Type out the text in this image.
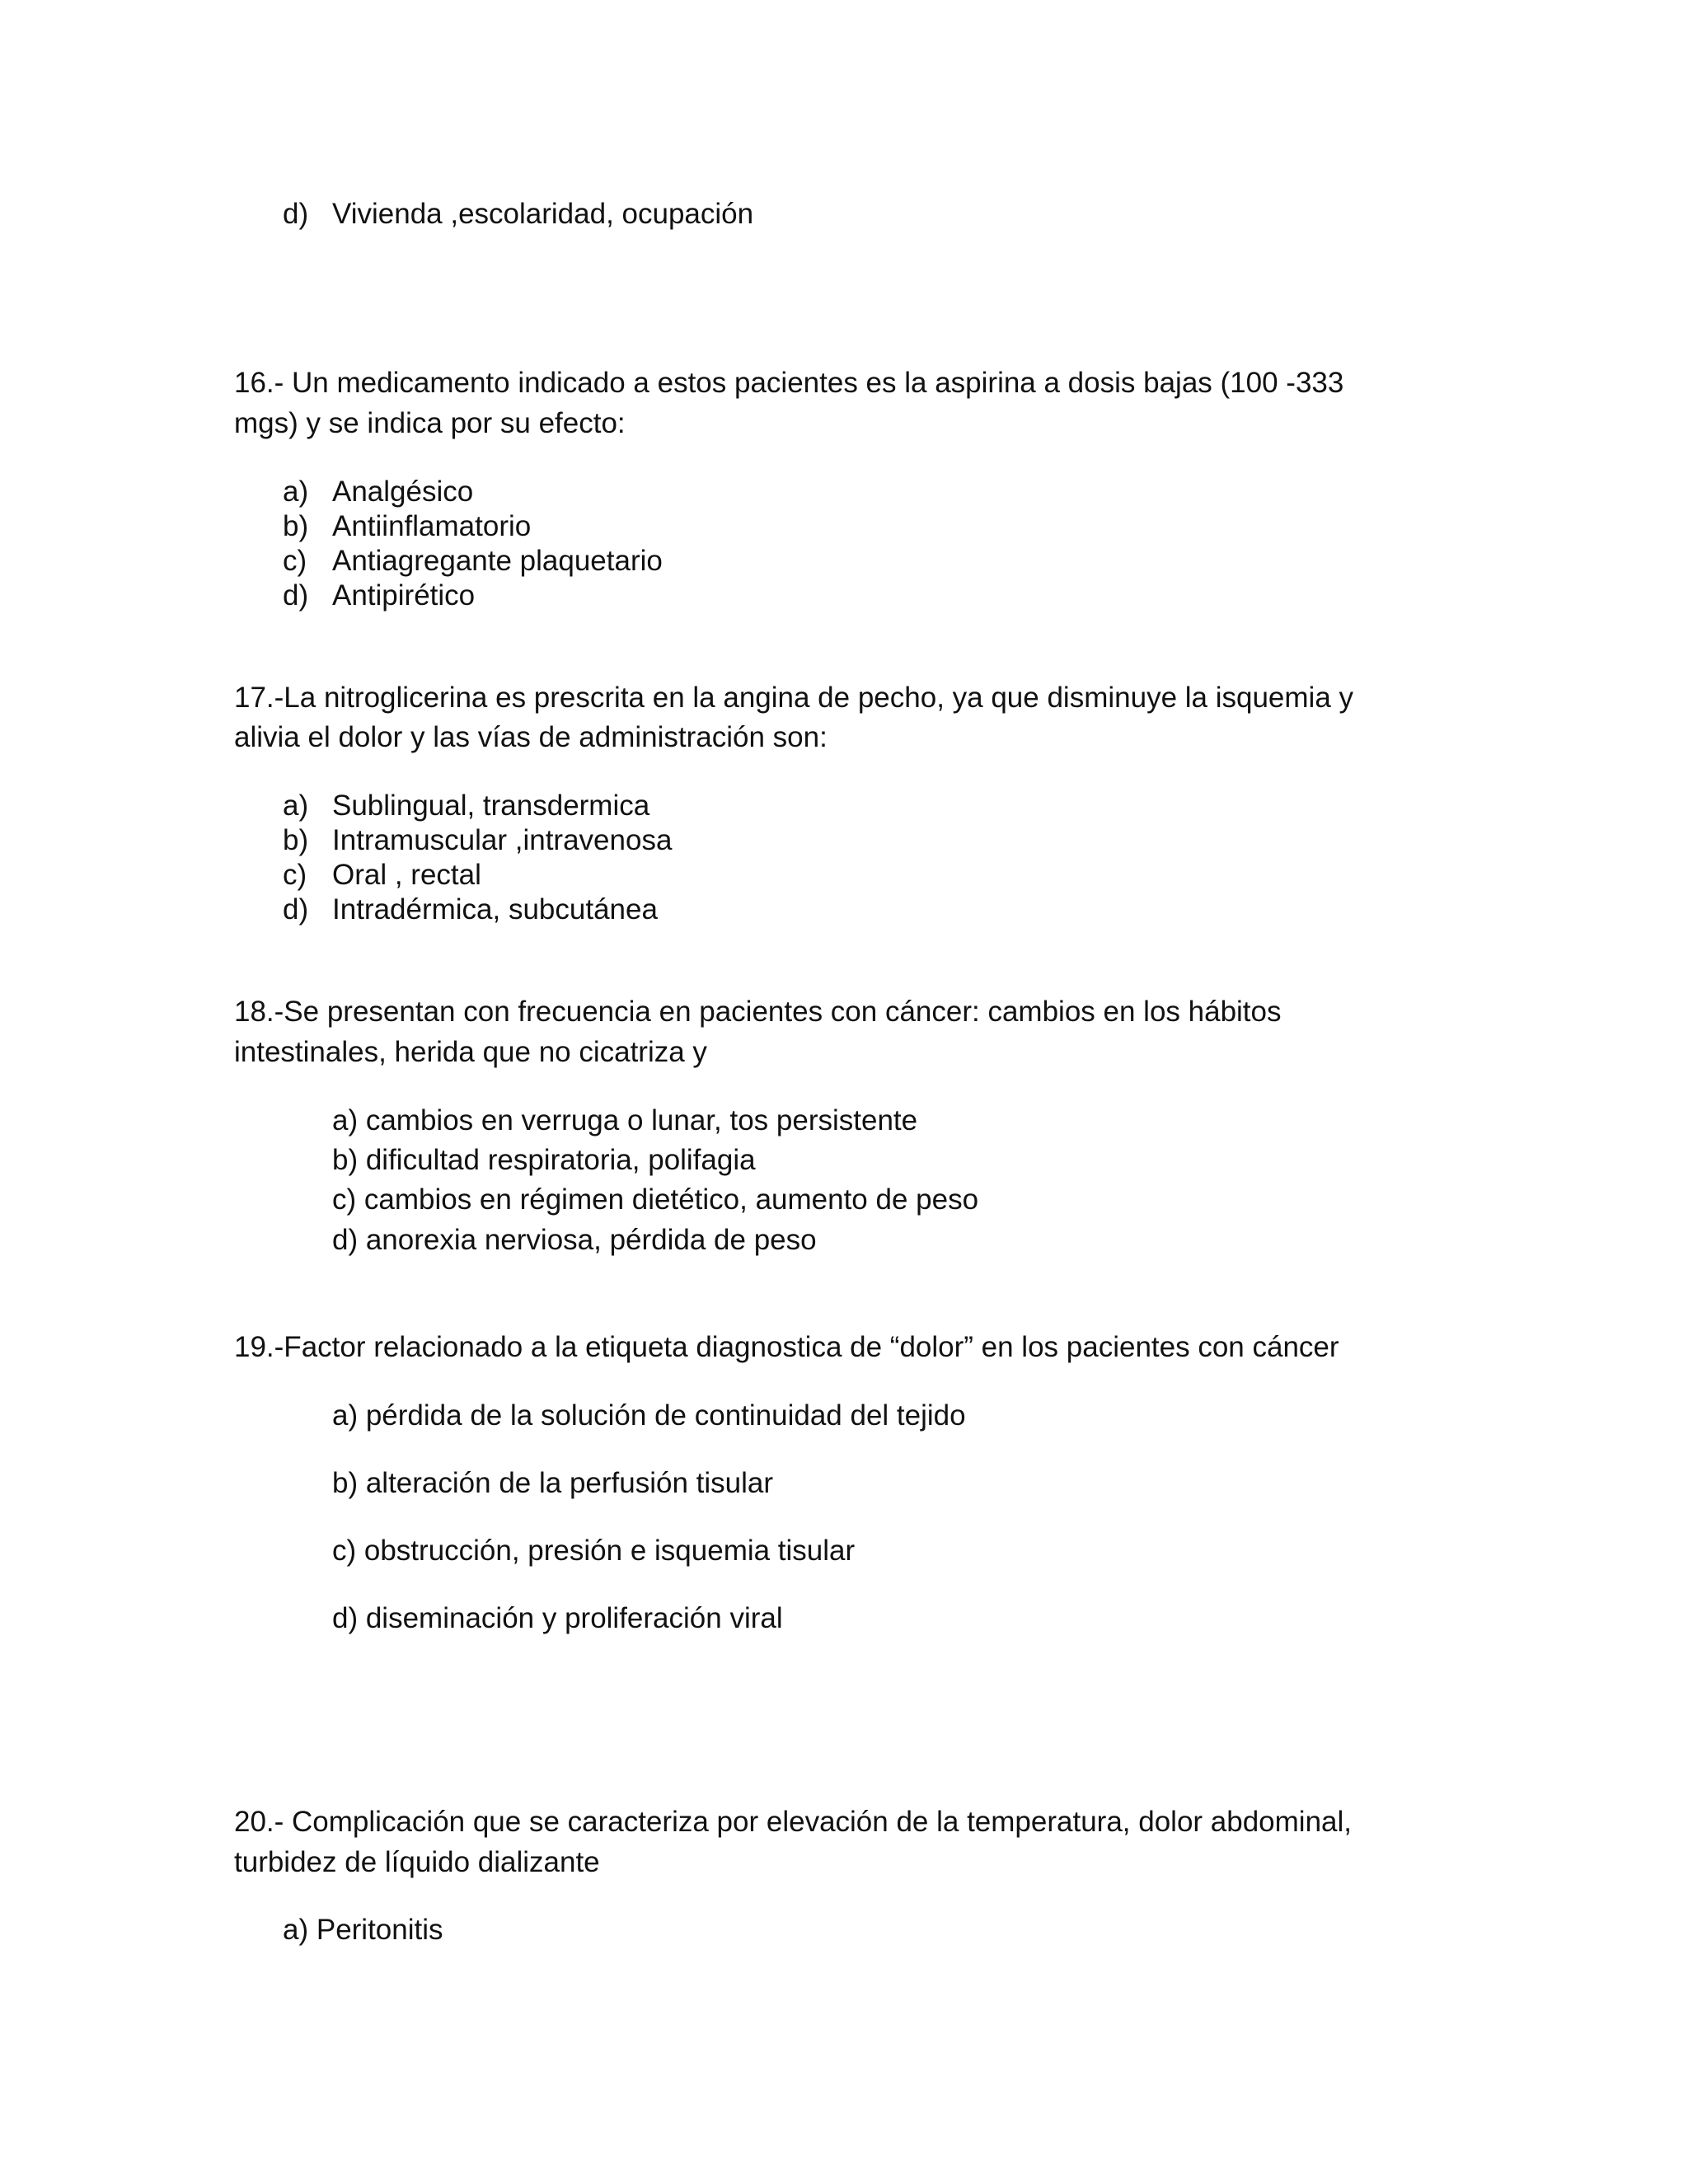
d) Vivienda ,escolaridad, ocupación
16.- Un medicamento indicado a estos pacientes es la aspirina a dosis bajas (100 -333
mgs) y se indica por su efecto:
a) Analgésico
b) Antiinflamatorio
c) Antiagregante plaquetario
d) Antipirético
17.-La nitroglicerina es prescrita en la angina de pecho, ya que disminuye la isquemia y
alivia el dolor y las vías de administración son:
a) Sublingual, transdermica
b) Intramuscular ,intravenosa
c) Oral , rectal
d) Intradérmica, subcutánea
18.-Se presentan con frecuencia en pacientes con cáncer: cambios en los hábitos
intestinales, herida que no cicatriza y
a) cambios en verruga o lunar, tos persistente
b) dificultad respiratoria, polifagia
c) cambios en régimen dietético, aumento de peso
d) anorexia nerviosa, pérdida de peso
19.-Factor relacionado a la etiqueta diagnostica de “dolor” en los pacientes con cáncer
a) pérdida de la solución de continuidad del tejido
b) alteración de la perfusión tisular
c) obstrucción, presión e isquemia tisular
d) diseminación y proliferación viral
20.- Complicación que se caracteriza por elevación de la temperatura, dolor abdominal,
turbidez de líquido dializante
a) Peritonitis
